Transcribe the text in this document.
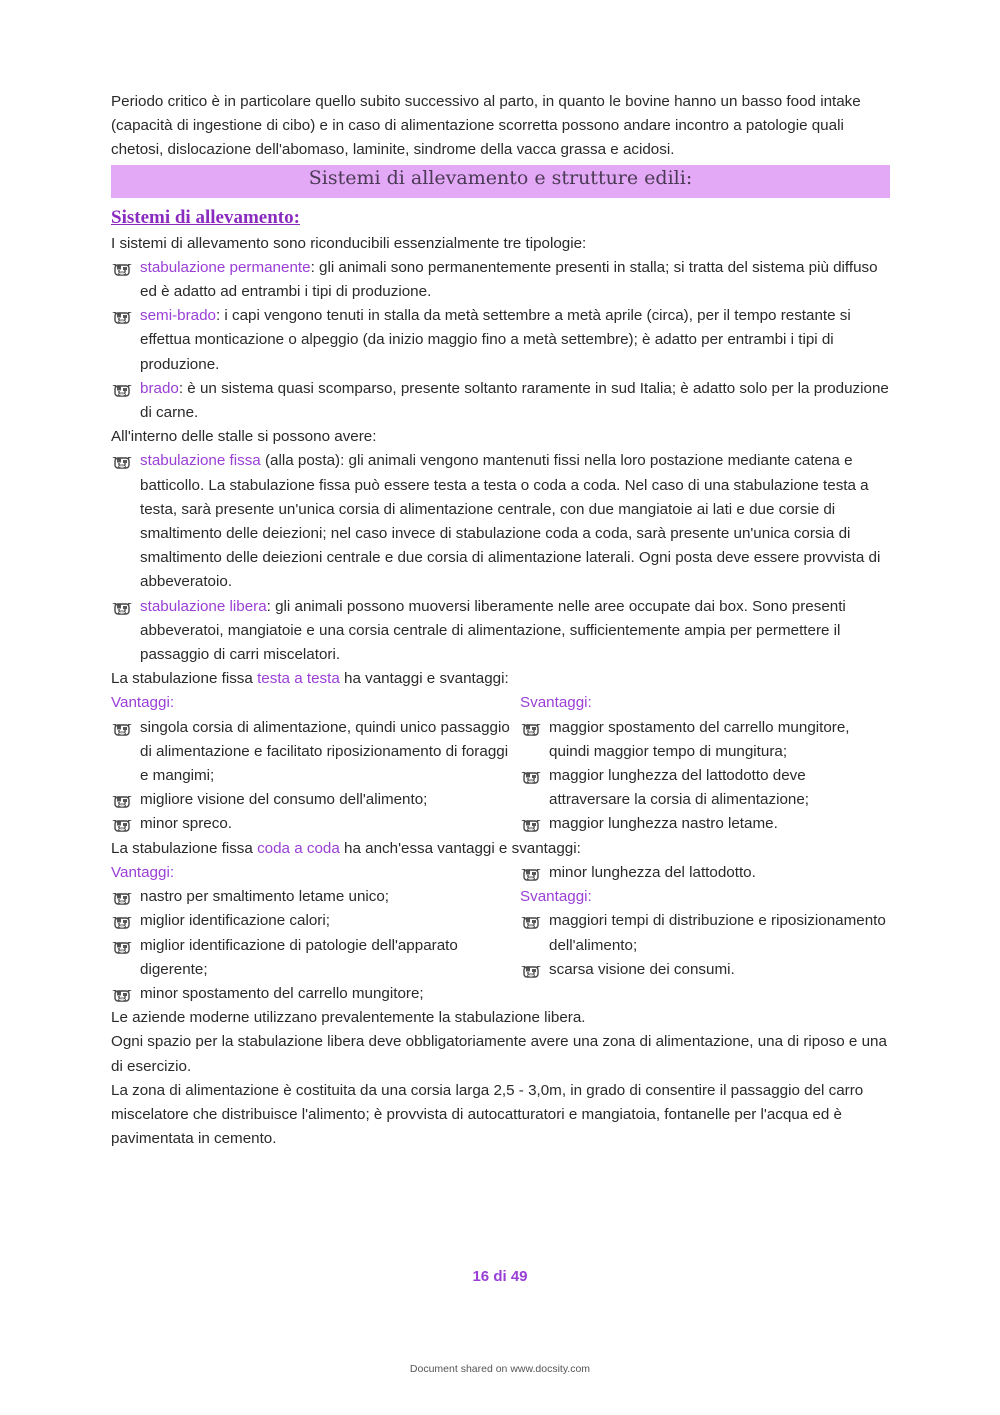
Periodo critico è in particolare quello subito successivo al parto, in quanto le bovine hanno un basso food intake (capacità di ingestione di cibo) e in caso di alimentazione scorretta possono andare incontro a patologie quali chetosi, dislocazione dell'abomaso, laminite, sindrome della vacca grassa e acidosi.

Sistemi di allevamento e strutture edili:
Sistemi di allevamento:

I sistemi di allevamento sono riconducibili essenzialmente tre tipologie:

stabulazione permanente: gli animali sono permanentemente presenti in stalla; si tratta del sistema più diffuso ed è adatto ad entrambi i tipi di produzione.
semi-brado: i capi vengono tenuti in stalla da metà settembre a metà aprile (circa), per il tempo restante si effettua monticazione o alpeggio (da inizio maggio fino a metà settembre); è adatto per entrambi i tipi di produzione.
brado: è un sistema quasi scomparso, presente soltanto raramente in sud Italia; è adatto solo per la produzione di carne.

All'interno delle stalle si possono avere:

stabulazione fissa (alla posta): gli animali vengono mantenuti fissi nella loro postazione mediante catena e batticollo. La stabulazione fissa può essere testa a testa o coda a coda. Nel caso di una stabulazione testa a testa, sarà presente un'unica corsia di alimentazione centrale, con due mangiatoie ai lati e due corsie di smaltimento delle deiezioni; nel caso invece di stabulazione coda a coda, sarà presente un'unica corsia di smaltimento delle deiezioni centrale e due corsia di alimentazione laterali. Ogni posta deve essere provvista di abbeveratoio.
stabulazione libera: gli animali possono muoversi liberamente nelle aree occupate dai box. Sono presenti abbeveratoi, mangiatoie e una corsia centrale di alimentazione, sufficientemente ampia per permettere il passaggio di carri miscelatori.

La stabulazione fissa testa a testa ha vantaggi e svantaggi:

Vantaggi:
singola corsia di alimentazione, quindi unico passaggio di alimentazione e facilitato riposizionamento di foraggi e mangimi;
migliore visione del consumo dell'alimento;
minor spreco.
Svantaggi:
maggior spostamento del carrello mungitore, quindi maggior tempo di mungitura;
maggior lunghezza del lattodotto deve attraversare la corsia di alimentazione;
maggior lunghezza nastro letame.

La stabulazione fissa coda a coda ha anch'essa vantaggi e svantaggi:

Vantaggi:
nastro per smaltimento letame unico;
miglior identificazione calori;
miglior identificazione di patologie dell'apparato digerente;
minor spostamento del carrello mungitore;
minor lunghezza del lattodotto.
Svantaggi:
maggiori tempi di distribuzione e riposizionamento dell'alimento;
scarsa visione dei consumi.

Le aziende moderne utilizzano prevalentemente la stabulazione libera.

Ogni spazio per la stabulazione libera deve obbligatoriamente avere una zona di alimentazione, una di riposo e una di esercizio.

La zona di alimentazione è costituita da una corsia larga 2,5 - 3,0m, in grado di consentire il passaggio del carro miscelatore che distribuisce l'alimento; è provvista di autocatturatori e mangiatoia, fontanelle per l'acqua ed è pavimentata in cemento.

16 di 49
Document shared on www.docsity.com
